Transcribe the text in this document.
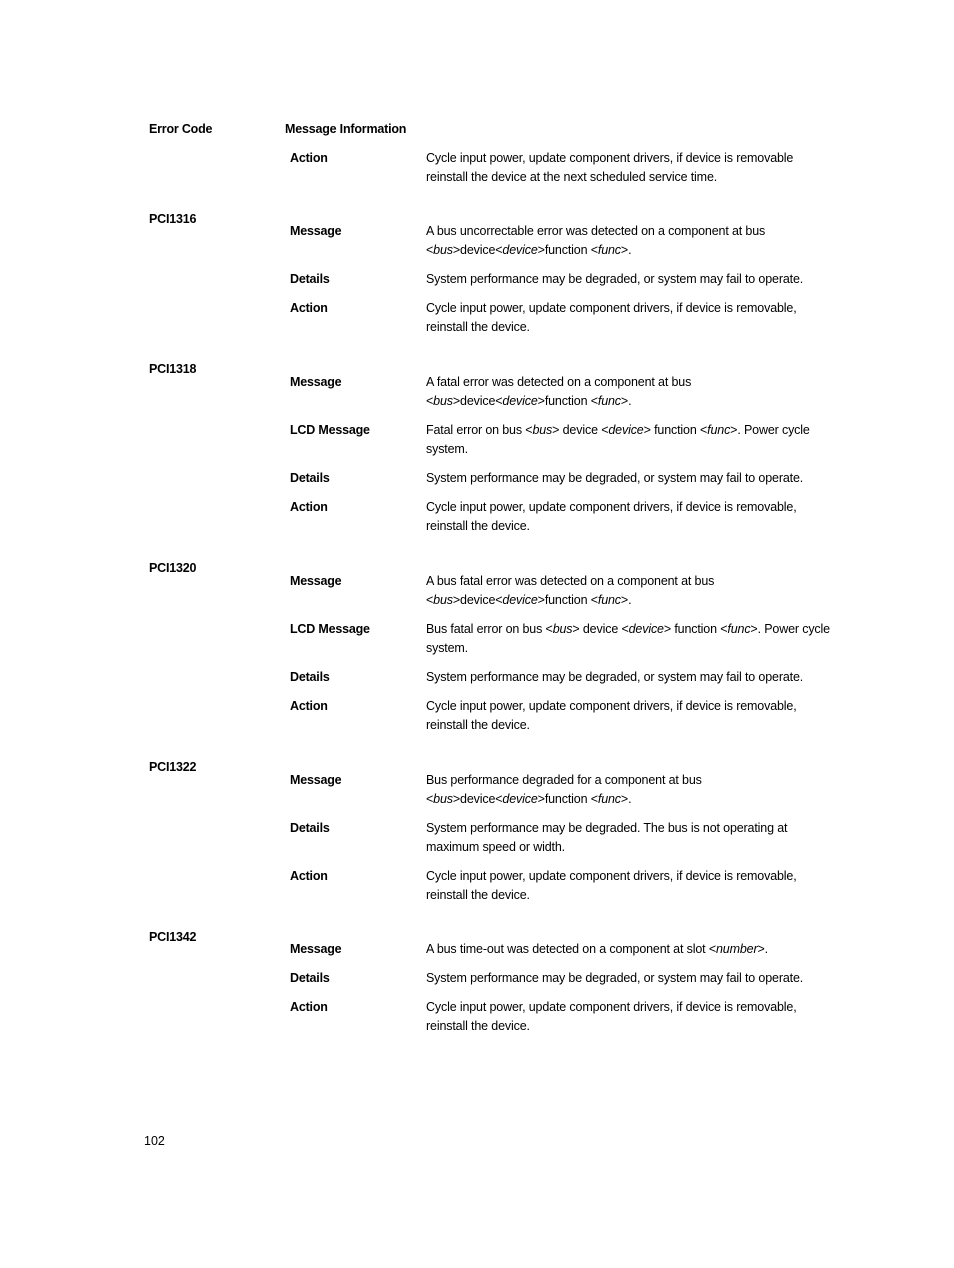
Error Code	Message Information
Action	Cycle input power, update component drivers, if device is removable reinstall the device at the next scheduled service time.
PCI1316
Message	A bus uncorrectable error was detected on a component at bus <bus>device<device>function <func>.
Details	System performance may be degraded, or system may fail to operate.
Action	Cycle input power, update component drivers, if device is removable, reinstall the device.
PCI1318
Message	A fatal error was detected on a component at bus <bus>device<device>function <func>.
LCD Message	Fatal error on bus <bus> device <device> function <func>. Power cycle system.
Details	System performance may be degraded, or system may fail to operate.
Action	Cycle input power, update component drivers, if device is removable, reinstall the device.
PCI1320
Message	A bus fatal error was detected on a component at bus <bus>device<device>function <func>.
LCD Message	Bus fatal error on bus <bus> device <device> function <func>. Power cycle system.
Details	System performance may be degraded, or system may fail to operate.
Action	Cycle input power, update component drivers, if device is removable, reinstall the device.
PCI1322
Message	Bus performance degraded for a component at bus <bus>device<device>function <func>.
Details	System performance may be degraded. The bus is not operating at maximum speed or width.
Action	Cycle input power, update component drivers, if device is removable, reinstall the device.
PCI1342
Message	A bus time-out was detected on a component at slot <number>.
Details	System performance may be degraded, or system may fail to operate.
Action	Cycle input power, update component drivers, if device is removable, reinstall the device.
102
